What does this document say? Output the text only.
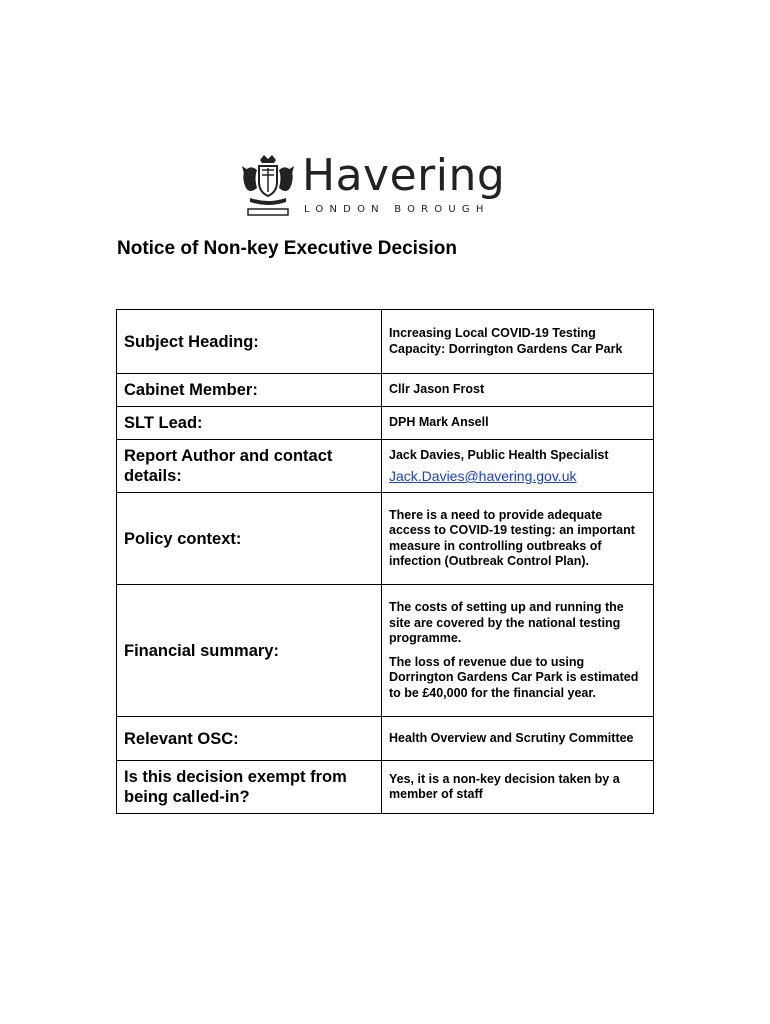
Havering
LONDON BOROUGH
Notice of Non-key Executive Decision
Subject Heading:	Increasing Local COVID-19 Testing Capacity: Dorrington Gardens Car Park

Cabinet Member:	Cllr Jason Frost

SLT Lead:	DPH Mark Ansell

Report Author and contact details:	Jack Davies, Public Health Specialist
Jack.Davies@havering.gov.uk

Policy context:	There is a need to provide adequate access to COVID-19 testing: an important measure in controlling outbreaks of infection (Outbreak Control Plan).

Financial summary:	The costs of setting up and running the site are covered by the national testing programme.
The loss of revenue due to using Dorrington Gardens Car Park is estimated to be £40,000 for the financial year.

Relevant OSC:	Health Overview and Scrutiny Committee

Is this decision exempt from being called-in?	Yes, it is a non-key decision taken by a member of staff
